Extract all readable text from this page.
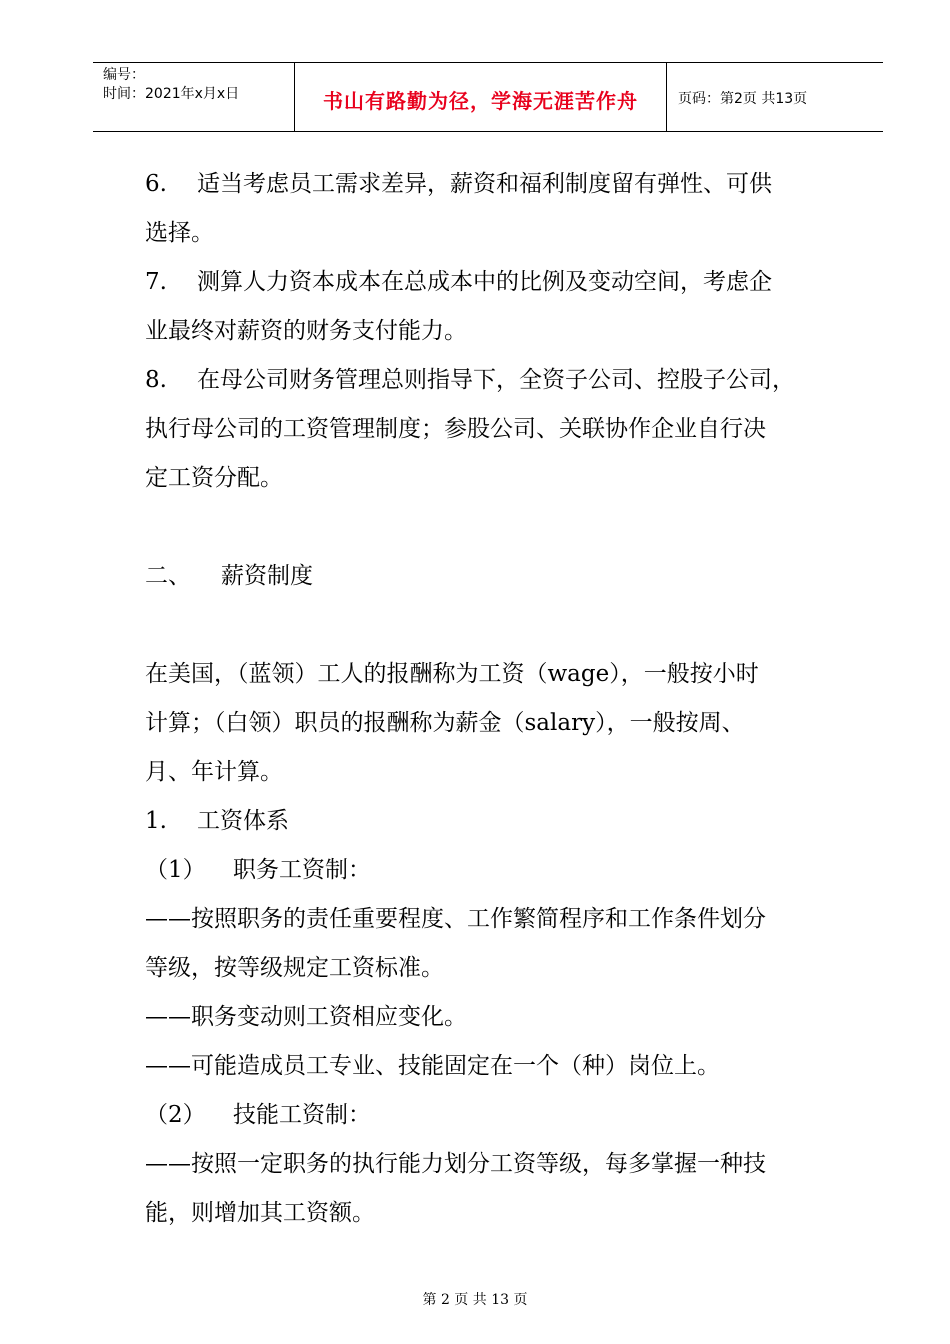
编号：
时间：2021年x月x日	书山有路勤为径，学海无涯苦作舟	页码：第2页 共13页

6. 适当考虑员工需求差异，薪资和福利制度留有弹性、可供

选择。

7. 测算人力资本成本在总成本中的比例及变动空间，考虑企

业最终对薪资的财务支付能力。

8. 在母公司财务管理总则指导下，全资子公司、控股子公司，

执行母公司的工资管理制度；参股公司、关联协作企业自行决

定工资分配。

二、 薪资制度

在美国，（蓝领）工人的报酬称为工资（wage），一般按小时

计算；（白领）职员的报酬称为薪金（salary），一般按周、

月、年计算。

1. 工资体系

（1） 职务工资制：

——按照职务的责任重要程度、工作繁简程序和工作条件划分

等级，按等级规定工资标准。

——职务变动则工资相应变化。

——可能造成员工专业、技能固定在一个（种）岗位上。

（2） 技能工资制：

——按照一定职务的执行能力划分工资等级，每多掌握一种技

能，则增加其工资额。

第 2 页 共 13 页
